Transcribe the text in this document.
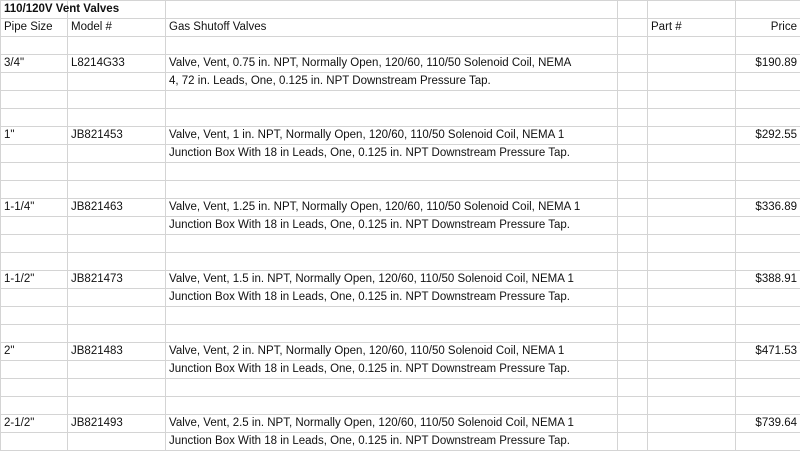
110/120V Vent Valves					
Pipe Size	Model #	Gas Shutoff Valves		Part #	Price

3/4"	L8214G33	Valve, Vent, 0.75 in. NPT, Normally Open, 120/60, 110/50 Solenoid Coil, NEMA			$190.89
		4, 72 in. Leads, One, 0.125 in. NPT Downstream Pressure Tap.			

1"	JB821453	Valve, Vent, 1 in. NPT, Normally Open, 120/60, 110/50 Solenoid Coil, NEMA 1			$292.55
		Junction Box With 18 in Leads, One, 0.125 in. NPT Downstream Pressure Tap.			

1-1/4"	JB821463	Valve, Vent, 1.25 in. NPT, Normally Open, 120/60, 110/50 Solenoid Coil, NEMA 1			$336.89
		Junction Box With 18 in Leads, One, 0.125 in. NPT Downstream Pressure Tap.			

1-1/2"	JB821473	Valve, Vent, 1.5 in. NPT, Normally Open, 120/60, 110/50 Solenoid Coil, NEMA 1			$388.91
		Junction Box With 18 in Leads, One, 0.125 in. NPT Downstream Pressure Tap.			

2"	JB821483	Valve, Vent, 2 in. NPT, Normally Open, 120/60, 110/50 Solenoid Coil, NEMA 1			$471.53
		Junction Box With 18 in Leads, One, 0.125 in. NPT Downstream Pressure Tap.			

2-1/2"	JB821493	Valve, Vent, 2.5 in. NPT, Normally Open, 120/60, 110/50 Solenoid Coil, NEMA 1			$739.64
		Junction Box With 18 in Leads, One, 0.125 in. NPT Downstream Pressure Tap.			
